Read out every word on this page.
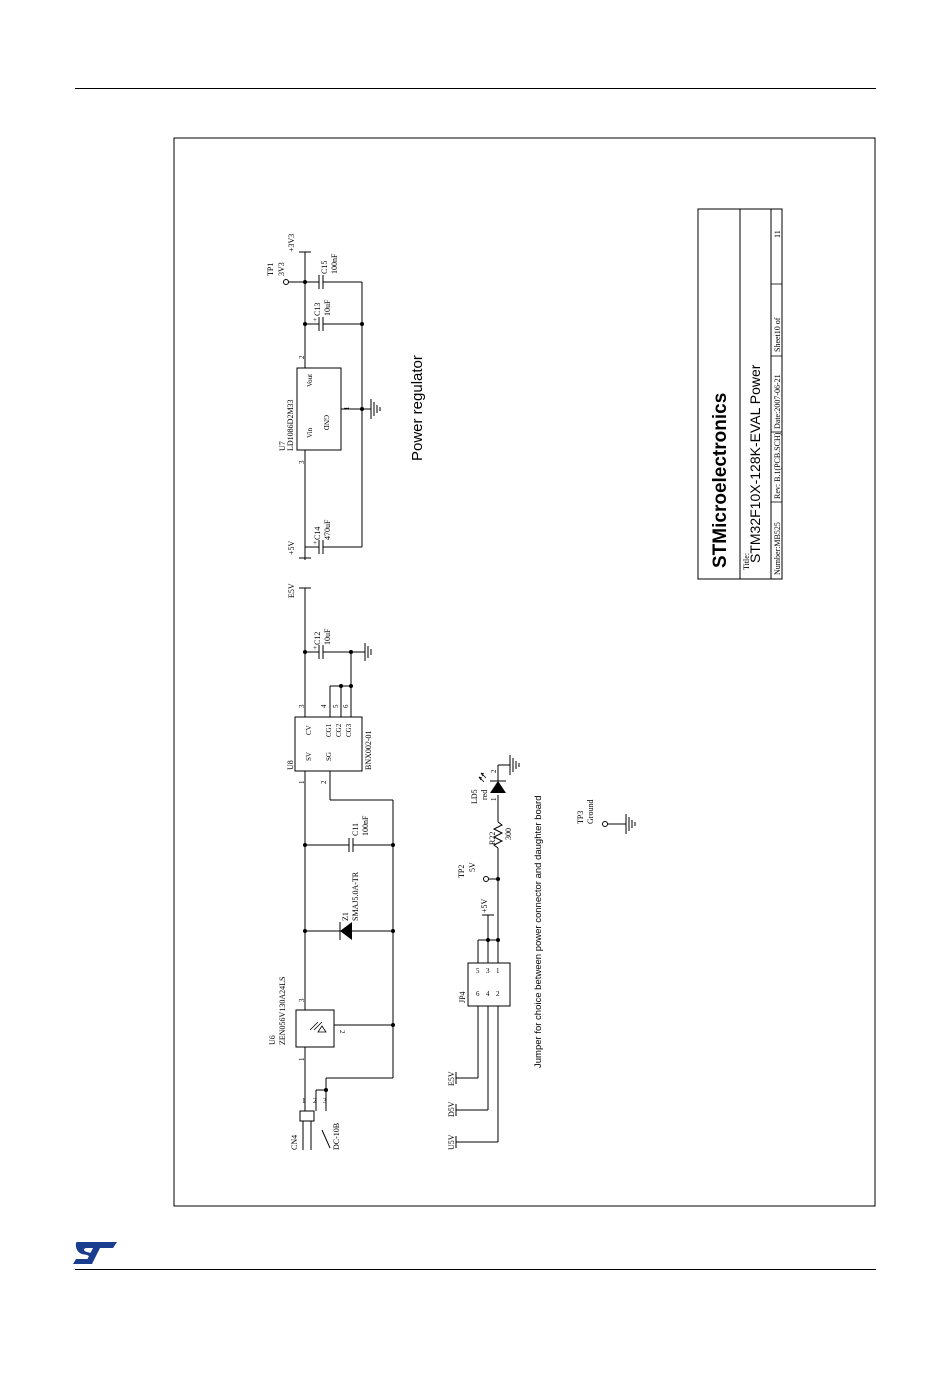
STMicroelectronics Title:
STM32F10X-128K-EVAL Power Number:MB525
Rev: B.1(PCB.SCH)
Date:2007-06-21
Sheet10 of
11
Power regulator
Jumper for choice between power connector and daughter board
U7 LD1086D2M33 Vin
Vout
GND
3
2
1
+
C14 470uF
+5V
+
C13 10uF
C15 100nF
TP1 3V3
+3V3
CN4	DC-10B
1 2 3
U6 ZEN056V130A24LS
1
3
2
Z1 SMAJ5.0A-TR
C11 100nF
U8	BNX002-01
SV SG
CV CG1 CG2 CG3
1 2
3 4 5 6
+
C12 10uF
E5V
JP4 6 4 2
5 3 1
E5V
D5V
U5V
+5V
TP2 5V
R22 300
LD5 red 1
2
TP3 Ground
